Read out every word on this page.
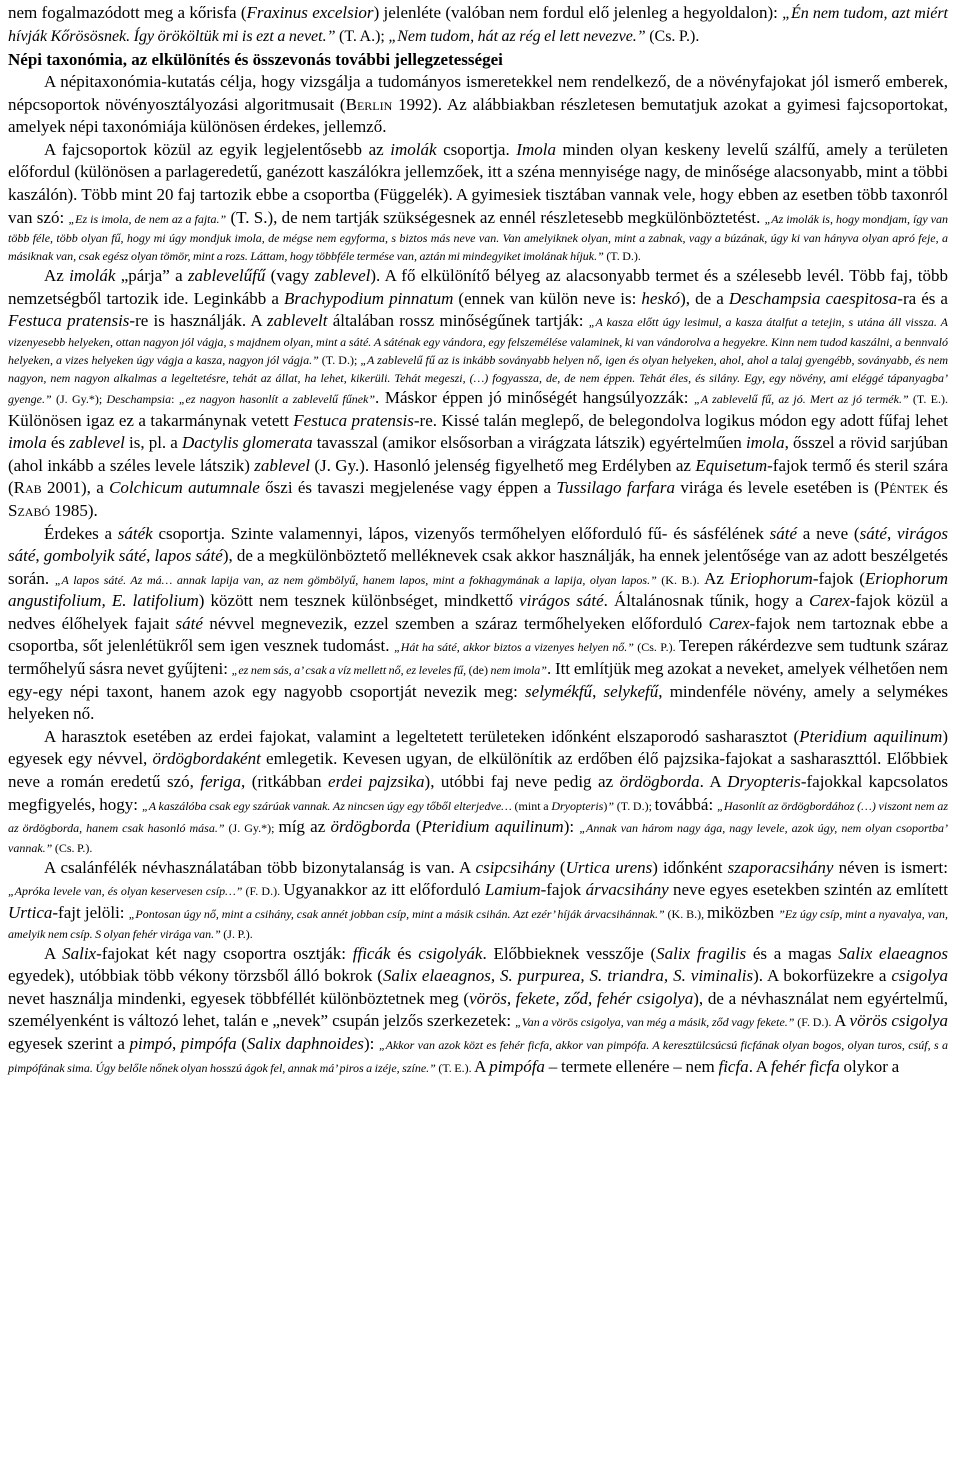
nem fogalmazódott meg a kőrisfa (Fraxinus excelsior) jelenléte (valóban nem fordul elő jelenleg a hegyoldalon): „Én nem tudom, azt miért hívják Kőrösösnek. Így örököltük mi is ezt a nevet.” (T. A.); „Nem tudom, hát az rég el lett nevezve.” (Cs. P.).

Népi taxonómia, az elkülönítés és összevonás további jellegzetességei

A népitaxonómia-kutatás célja, hogy vizsgálja a tudományos ismeretekkel nem rendelkező, de a növényfajokat jól ismerő emberek, népcsoportok növényosztályozási algoritmusait (BERLIN 1992). Az alábbiakban részletesen bemutatjuk azokat a gyimesi fajcsoportokat, amelyek népi taxonómiája különösen érdekes, jellemző.

A fajcsoportok közül az egyik legjelentősebb az imolák csoportja. Imola minden olyan keskeny levelű szálfű, amely a területen előfordul (különösen a parlageredetű, ganézott kaszálókra jellemzőek, itt a széna mennyisége nagy, de minősége alacsonyabb, mint a többi kaszálón). Több mint 20 faj tartozik ebbe a csoportba (Függelék). A gyimesiek tisztában vannak vele, hogy ebben az esetben több taxonról van szó: „Ez is imola, de nem az a fajta.” (T. S.), de nem tartják szükségesnek az ennél részletesebb megkülönböztetést. „Az imolák is, hogy mondjam, így van több féle, több olyan fű, hogy mi úgy mondjuk imola, de mégse nem egyforma, s biztos más neve van. Van amelyiknek olyan, mint a zabnak, vagy a búzának, úgy ki van hányva olyan apró feje, a másiknak van, csak egész olyan tömör, mint a rozs. Láttam, hogy többféle termése van, aztán mi mindegyiket imolának híjuk.” (T. D.).

Az imolák „párja” a zablevelűfű (vagy zablevel). A fő elkülönítő bélyeg az alacsonyabb termet és a szélesebb levél. Több faj, több nemzetségből tartozik ide. Leginkább a Brachypodium pinnatum (ennek van külön neve is: heskó), de a Deschampsia caespitosa-ra és a Festuca pratensis-re is használják. A zablevelt általában rossz minőségűnek tartják: „A kasza előtt úgy lesimul, a kasza átalfut a tetejin, s utána áll vissza. A vizenyesebb helyeken, ottan nagyon jól vágja, s majdnem olyan, mint a sáté. A sáténak egy vándora, egy felszemélése valaminek, ki van vándorolva a hegyekre. Kinn nem tudod kaszálni, a bennvaló helyeken, a vizes helyeken úgy vágja a kasza, nagyon jól vágja.” (T. D.); „A zablevelű fű az is inkább soványabb helyen nő, igen és olyan helyeken, ahol, ahol a talaj gyengébb, soványabb, és nem nagyon, nem nagyon alkalmas a legeltetésre, tehát az állat, ha lehet, kikerüli. Tehát megeszi, (…) fogyassza, de, de nem éppen. Tehát éles, és silány. Egy, egy növény, ami eléggé tápanyagba’ gyenge.” (J. Gy.*); Deschampsia: „ez nagyon hasonlít a zablevelű fűnek”. Máskor éppen jó minőségét hangsúlyozzák: „A zablevelű fű, az jó. Mert az jó termék.” (T. E.). Különösen igaz ez a takarmánynak vetett Festuca pratensis-re. Kissé talán meglepő, de belegondolva logikus módon egy adott fűfaj lehet imola és zablevel is, pl. a Dactylis glomerata tavasszal (amikor elsősorban a virágzata látszik) egyértelműen imola, ősszel a rövid sarjúban (ahol inkább a széles levele látszik) zablevel (J. Gy.). Hasonló jelenség figyelhető meg Erdélyben az Equisetum-fajok termő és steril szára (RAB 2001), a Colchicum autumnale őszi és tavaszi megjelenése vagy éppen a Tussilago farfara virága és levele esetében is (PÉNTEK és SZABÓ 1985).

Érdekes a sáték csoportja. Szinte valamennyi, lápos, vizenyős termőhelyen előforduló fű- és sásfélének sáté a neve (sáté, virágos sáté, gombolyik sáté, lapos sáté), de a megkülönböztető melléknevek csak akkor használják, ha ennek jelentősége van az adott beszélgetés során. „A lapos sáté. Az má… annak lapija van, az nem gömbölyű, hanem lapos, mint a fokhagymának a lapija, olyan lapos.” (K. B.). Az Eriophorum-fajok (Eriophorum angustifolium, E. latifolium) között nem tesznek különbséget, mindkettő virágos sáté. Általánosnak tűnik, hogy a Carex-fajok közül a nedves élőhelyek fajait sáté névvel megnevezik, ezzel szemben a száraz termőhelyeken előforduló Carex-fajok nem tartoznak ebbe a csoportba, sőt jelenlétükről sem igen vesznek tudomást. „Hát ha sáté, akkor biztos a vizenyes helyen nő.” (Cs. P.). Terepen rákérdezve sem tudtunk száraz termőhelyű sásra nevet gyűjteni: „ez nem sás, a’ csak a víz mellett nő, ez leveles fű, (de) nem imola”. Itt említjük meg azokat a neveket, amelyek vélhetően nem egy-egy népi taxont, hanem azok egy nagyobb csoportját nevezik meg: selymékfű, selykefű, mindenféle növény, amely a selymékes helyeken nő.

A harasztok esetében az erdei fajokat, valamint a legeltetett területeken időnként elszaporodó sasharasztot (Pteridium aquilinum) egyesek egy névvel, ördögbordaként emlegetik. Kevesen ugyan, de elkülönítik az erdőben élő pajzsika-fajokat a sasharaszttól. Előbbiek neve a román eredetű szó, feriga, (ritkábban erdei pajzsika), utóbbi faj neve pedig az ördögborda. A Dryopteris-fajokkal kapcsolatos megfigyelés, hogy: „A kaszálóba csak egy szárúak vannak. Az nincsen úgy egy tőből elterjedve… (mint a Dryopteris)” (T. D.); továbbá: „Hasonlít az ördögbordához (…) viszont nem az az ördögborda, hanem csak hasonló mása.” (J. Gy.*); míg az ördögborda (Pteridium aquilinum): „Annak van három nagy ága, nagy levele, azok úgy, nem olyan csoportba’ vannak.” (Cs. P.).

A csalánfélék névhasználatában több bizonytalanság is van. A csipcsihány (Urtica urens) időnként szaporacsihány néven is ismert: „Apróka levele van, és olyan keservesen csíp…” (F. D.). Ugyanakkor az itt előforduló Lamium-fajok árvacsihány neve egyes esetekben szintén az említett Urtica-fajt jelöli: „Pontosan úgy nő, mint a csihány, csak annét jobban csíp, mint a másik csihán. Azt ezér’ híják árvacsihánnak.” (K. B.), miközben ”Ez úgy csíp, mint a nyavalya, van, amelyik nem csíp. S olyan fehér virága van.” (J. P.).

A Salix-fajokat két nagy csoportra osztják: fficák és csigolyák. Előbbieknek vesszője (Salix fragilis és a magas Salix elaeagnos egyedek), utóbbiak több vékony törzsből álló bokrok (Salix elaeagnos, S. purpurea, S. triandra, S. viminalis). A bokorfüzekre a csigolya nevet használja mindenki, egyesek többféllét különböztetnek meg (vörös, fekete, ződ, fehér csigolya), de a névhasználat nem egyértelmű, személyenként is változó lehet, talán e „nevek” csupán jelzős szerkezetek: „Van a vörös csigolya, van még a másik, ződ vagy fekete.” (F. D.). A vörös csigolya egyesek szerint a pimpó, pimpófa (Salix daphnoides): „Akkor van azok közt es fehér ficfa, akkor van pimpófa. A keresztülcsúcsú ficfának olyan bogos, olyan turos, csúf, s a pimpófának sima. Úgy belőle nőnek olyan hosszú ágok fel, annak má’ piros a izéje, színe.” (T. E.). A pimpófa – termete ellenére – nem ficfa. A fehér ficfa olykor a
